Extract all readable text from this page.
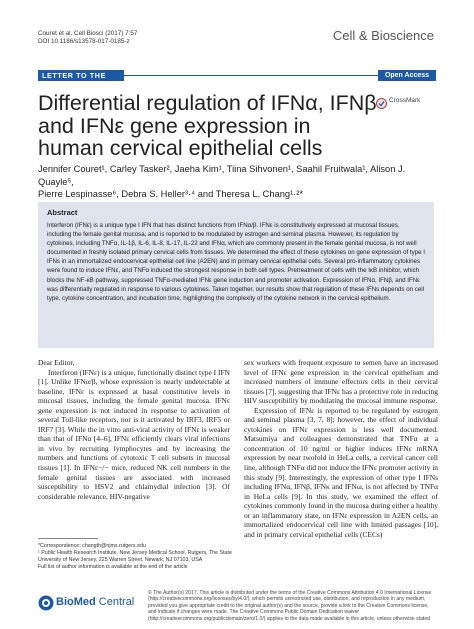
Couret et al. Cell Biosci (2017) 7:57
DOI 10.1186/s13578-017-0185-z	Cell & Bioscience
LETTER TO THE EDITOR
Open Access
Differential regulation of IFNα, IFNβ and IFNε gene expression in human cervical epithelial cells
CrossMark
Jennifer Couret¹, Carley Tasker², Jaeha Kim¹, Tiina Sihvonen¹, Saahil Fruitwala¹, Alison J. Quayle⁵,
Pierre Lespinasse⁶, Debra S. Heller³·⁴ and Theresa L. Chang¹·²*
Abstract
Interferon (IFNε) is a unique type I IFN that has distinct functions from IFNα/β. IFNε is constitutively expressed at mucosal tissues, including the female genital mucosa, and is reported to be modulated by estrogen and seminal plasma. However, its regulation by cytokines, including TNFα, IL-1β, IL-6, IL-8, IL-17, IL-22 and IFNα, which are commonly present in the female genital mucosa, is not well documented in freshly isolated primary cervical cells from tissues. We determined the effect of these cytokines on gene expression of type I IFNs in an immortalized endocervical epithelial cell line (A2EN) and in primary cervical epithelial cells. Several pro-inflammatory cytokines were found to induce IFNε, and TNFα induced the strongest response in both cell types. Pretreatment of cells with the IκB inhibitor, which blocks the NF-κB pathway, suppressed TNFα-mediated IFNε gene induction and promoter activation. Expression of IFNα, IFNβ, and IFNε was differentially regulated in response to various cytokines. Taken together, our results show that regulation of these IFNs depends on cell type, cytokine concentration, and incubation time, highlighting the complexity of the cytokine network in the cervical epithelium.

Dear Editor,

Interferon (IFNε) is a unique, functionally distinct type I IFN [1]. Unlike IFNα/β, whose expression is nearly undetectable at baseline, IFNε is expressed at basal constitutive levels in mucosal tissues, including the female genital mucosa. IFNε gene expression is not induced in response to activation of several Toll-like receptors, nor is it activated by IRF3, IRF5 or IRF7 [3]. While the in vitro anti-viral activity of IFNε is weaker than that of IFNα [4–6], IFNε efficiently clears viral infections in vivo by recruiting lymphocytes and by increasing the numbers and functions of cytotoxic T cell subsets in mucosal tissues [1]. In IFNε−/− mice, reduced NK cell numbers in the female genital tissues are associated with increased susceptibility to HSV2 and chlamydial infection [3]. Of considerable relevance, HIV-negative

sex workers with frequent exposure to semen have an increased level of IFNε gene expression in the cervical epithelium and increased numbers of immune effectors cells in their cervical tissues [7], suggesting that IFNε has a protective role in reducing HIV susceptibility by modulating the mucosal immune response.

Expression of IFNε is reported to be regulated by estrogen and seminal plasma [3, 7, 8]; however, the effect of individual cytokines on IFNε expression is less well documented. Matsumiya and colleagues demonstrated that TNFα at a concentration of 10 ng/ml or higher induces IFNε mRNA expression by near twofold in HeLa cells, a cervical cancer cell line, although TNFα did not induce the IFNε promoter activity in this study [9]. Interestingly, the expression of other type I IFNs including IFNα, IFNβ, IFNκ and IFNω, is not affected by TNFα in HeLa cells [9]. In this study, we examined the effect of cytokines commonly found in the mucosa during either a healthy or an inflammatory state, on IFNε expression in A2EN cells, an immortalized endocervical cell line with limited passages [10], and in primary cervical epithelial cells (CECs)

*Correspondence: changth@njms.rutgers.edu
¹ Public Health Research Institute, New Jersey Medical School, Rutgers, The State University of New Jersey, 225 Warren Street, Newark, NJ 07103, USA
Full list of author information is available at the end of the article
BioMed Central
© The Author(s) 2017. This article is distributed under the terms of the Creative Commons Attribution 4.0 International License (http://creativecommons.org/licenses/by/4.0/), which permits unrestricted use, distribution, and reproduction in any medium, provided you give appropriate credit to the original author(s) and the source, provide a link to the Creative Commons license, and indicate if changes were made. The Creative Commons Public Domain Dedication waiver (http://creativecommons.org/publicdomain/zero/1.0/) applies to the data made available in this article, unless otherwise stated.
